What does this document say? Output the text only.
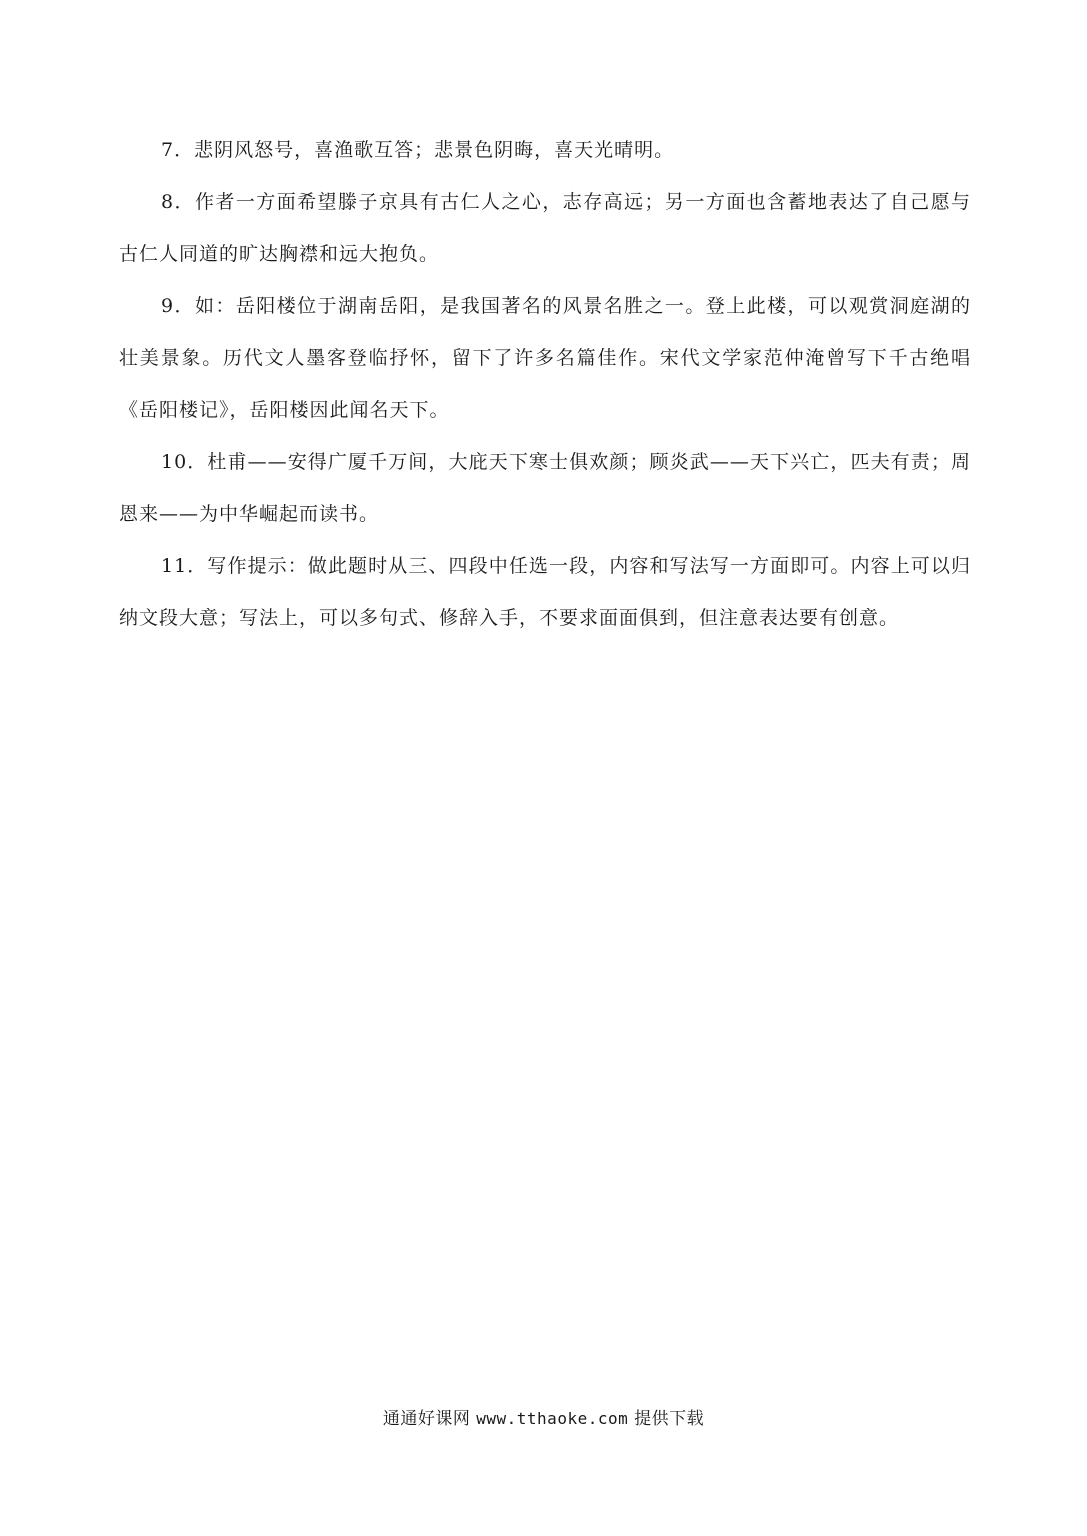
7．悲阴风怒号，喜渔歌互答；悲景色阴晦，喜天光晴明。

8．作者一方面希望滕子京具有古仁人之心，志存高远；另一方面也含蓄地表达了自己愿与古仁人同道的旷达胸襟和远大抱负。

9．如：岳阳楼位于湖南岳阳，是我国著名的风景名胜之一。登上此楼，可以观赏洞庭湖的壮美景象。历代文人墨客登临抒怀，留下了许多名篇佳作。宋代文学家范仲淹曾写下千古绝唱《岳阳楼记》，岳阳楼因此闻名天下。

10．杜甫——安得广厦千万间，大庇天下寒士俱欢颜；顾炎武——天下兴亡，匹夫有责；周恩来——为中华崛起而读书。

11．写作提示：做此题时从三、四段中任选一段，内容和写法写一方面即可。内容上可以归纳文段大意；写法上，可以多句式、修辞入手，不要求面面俱到，但注意表达要有创意。

通通好课网 www.tthaoke.com 提供下载
